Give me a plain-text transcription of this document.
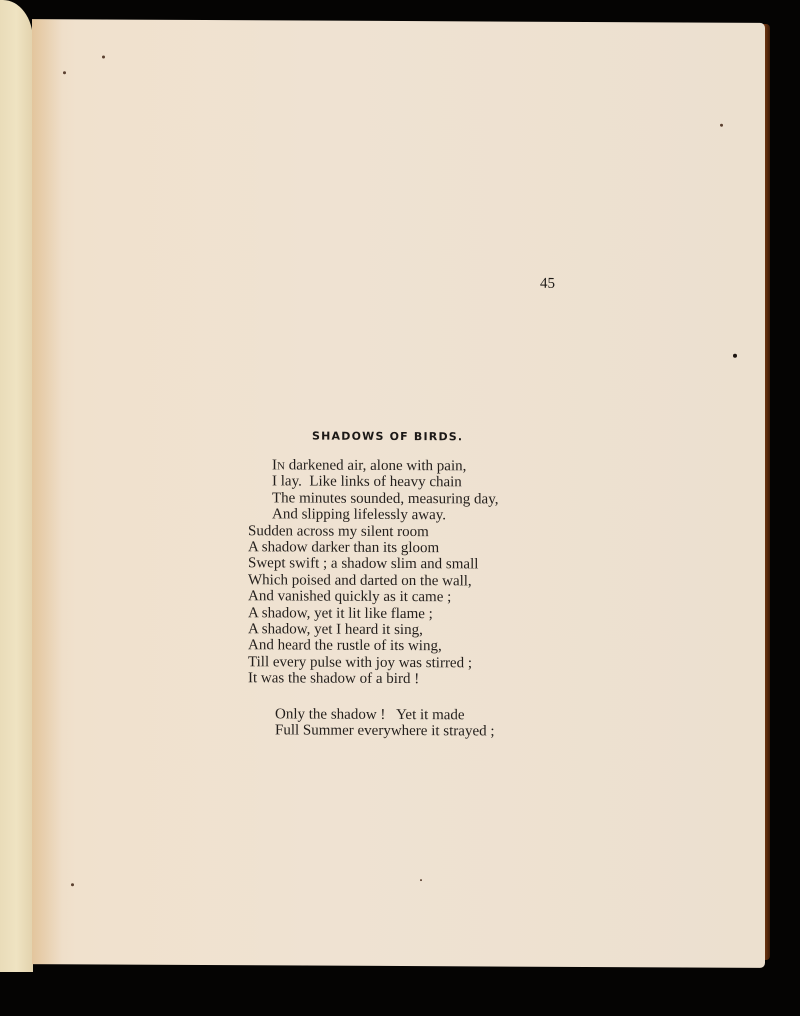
45
SHADOWS OF BIRDS.
In darkened air, alone with pain,
I lay.  Like links of heavy chain
The minutes sounded, measuring day,
And slipping lifelessly away.
Sudden across my silent room
A shadow darker than its gloom
Swept swift ; a shadow slim and small
Which poised and darted on the wall,
And vanished quickly as it came ;
A shadow, yet it lit like flame ;
A shadow, yet I heard it sing,
And heard the rustle of its wing,
Till every pulse with joy was stirred ;
It was the shadow of a bird !
Only the shadow !   Yet it made
Full Summer everywhere it strayed ;
